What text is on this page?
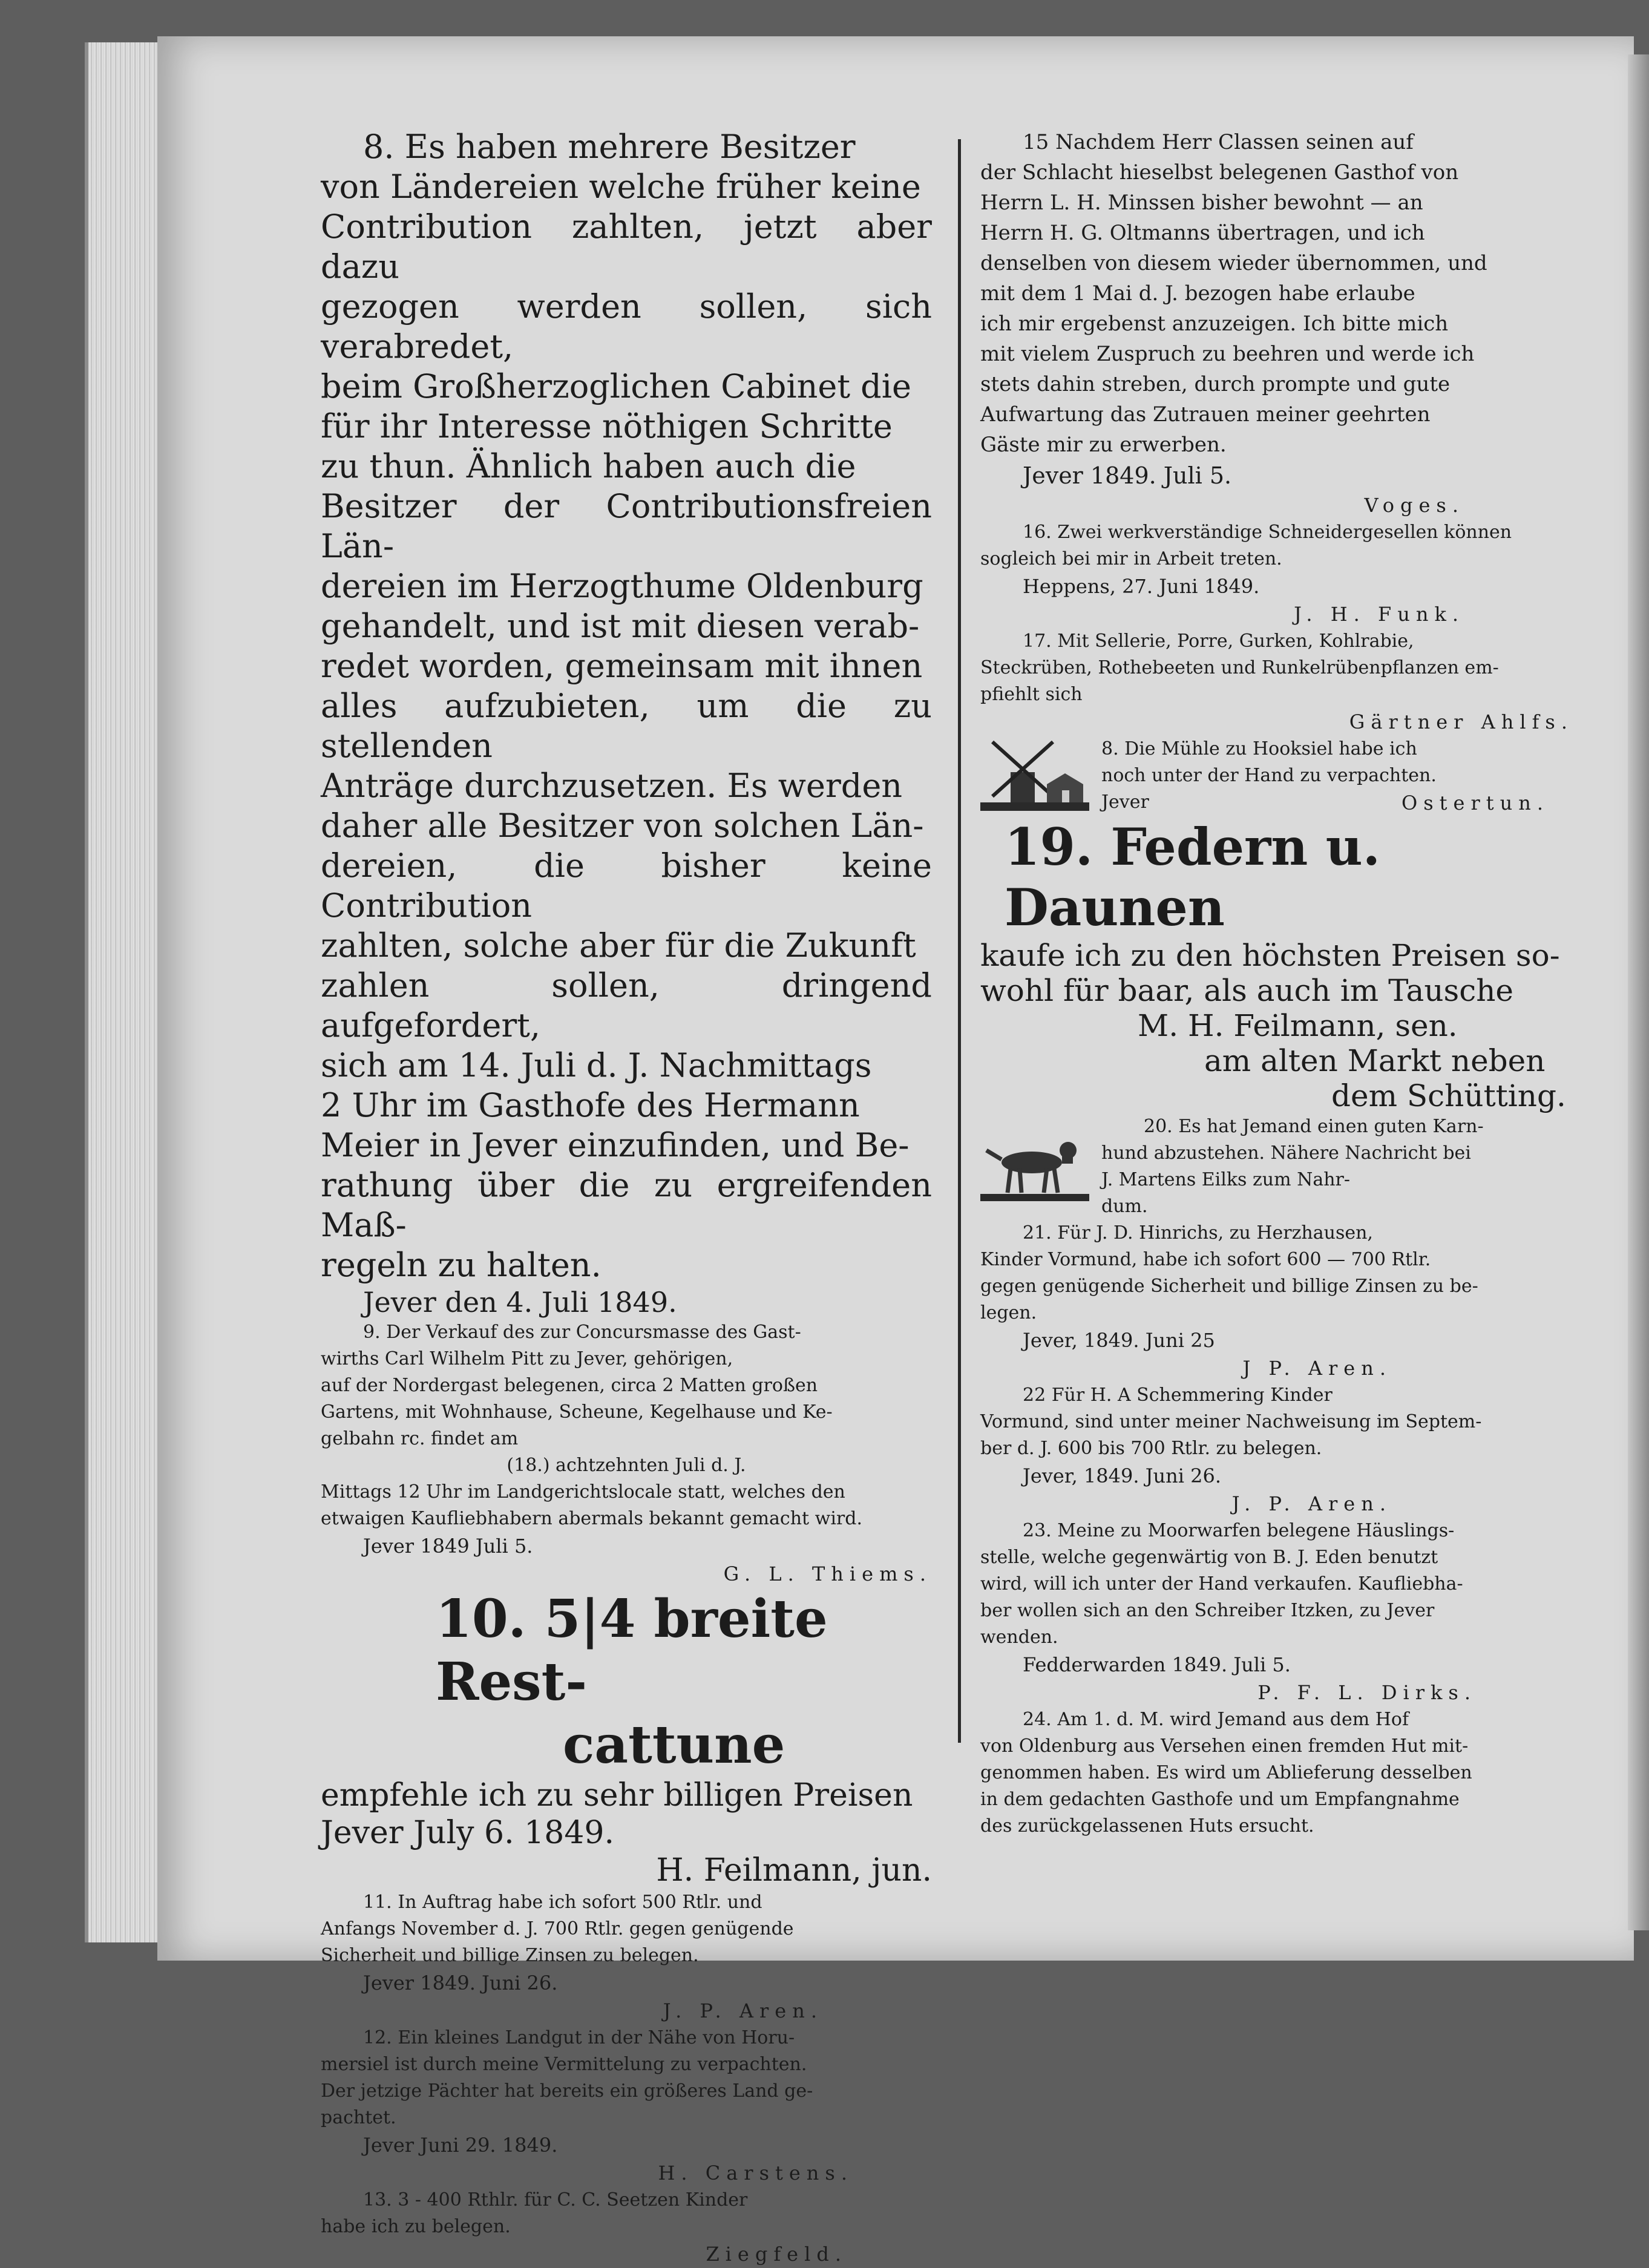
8. Es haben mehrere Besitzer

von Ländereien welche früher keine

Contribution zahlten, jetzt aber dazu

gezogen werden sollen, sich verabredet,

beim Großherzoglichen Cabinet die

für ihr Interesse nöthigen Schritte

zu thun. Ähnlich haben auch die

Besitzer der Contributionsfreien Län-

dereien im Herzogthume Oldenburg

gehandelt, und ist mit diesen verab-

redet worden, gemeinsam mit ihnen

alles aufzubieten, um die zu stellenden

Anträge durchzusetzen. Es werden

daher alle Besitzer von solchen Län-

dereien, die bisher keine Contribution

zahlten, solche aber für die Zukunft

zahlen sollen, dringend aufgefordert,

sich am 14. Juli d. J. Nachmittags

2 Uhr im Gasthofe des Hermann

Meier in Jever einzufinden, und Be-

rathung über die zu ergreifenden Maß-

regeln zu halten.

Jever den 4. Juli 1849.

9. Der Verkauf des zur Concursmasse des Gast-

wirths Carl Wilhelm Pitt zu Jever, gehörigen,

auf der Nordergast belegenen, circa 2 Matten großen

Gartens, mit Wohnhause, Scheune, Kegelhause und Ke-

gelbahn rc. findet am

(18.) achtzehnten Juli d. J.

Mittags 12 Uhr im Landgerichtslocale statt, welches den

etwaigen Kaufliebhabern abermals bekannt gemacht wird.

Jever 1849 Juli 5.

G. L. Thiems.

10. 5|4 breite Rest-

cattune

empfehle ich zu sehr billigen Preisen

Jever July 6. 1849.

H. Feilmann, jun.

11. In Auftrag habe ich sofort 500 Rtlr. und

Anfangs November d. J. 700 Rtlr. gegen genügende

Sicherheit und billige Zinsen zu belegen.

Jever 1849. Juni 26.

J. P. Aren.

12. Ein kleines Landgut in der Nähe von Horu-

mersiel ist durch meine Vermittelung zu verpachten.

Der jetzige Pächter hat bereits ein größeres Land ge-

pachtet.

Jever Juni 29. 1849.

H. Carstens.

13. 3 - 400 Rthlr. für C. C. Seetzen Kinder

habe ich zu belegen.

Ziegfeld.

15 Nachdem Herr Classen seinen auf

der Schlacht hieselbst belegenen Gasthof von

Herrn L. H. Minssen bisher bewohnt — an

Herrn H. G. Oltmanns übertragen, und ich

denselben von diesem wieder übernommen, und

mit dem 1 Mai d. J. bezogen habe erlaube

ich mir ergebenst anzuzeigen. Ich bitte mich

mit vielem Zuspruch zu beehren und werde ich

stets dahin streben, durch prompte und gute

Aufwartung das Zutrauen meiner geehrten

Gäste mir zu erwerben.

Jever 1849. Juli 5.

Voges.

16. Zwei werkverständige Schneidergesellen können

sogleich bei mir in Arbeit treten.

Heppens, 27. Juni 1849.

J. H. Funk.

17. Mit Sellerie, Porre, Gurken, Kohlrabie,

Steckrüben, Rothebeeten und Runkelrübenpflanzen em-

pfiehlt sich

Gärtner Ahlfs.

8. Die Mühle zu Hooksiel habe ich

noch unter der Hand zu verpachten.

Jever	Ostertun.

19. Federn u. Daunen

kaufe ich zu den höchsten Preisen so-

wohl für baar, als auch im Tausche

M. H. Feilmann, sen.

am alten Markt neben

dem Schütting.

20. Es hat Jemand einen guten Karn-

hund abzustehen. Nähere Nachricht bei

J. Martens Eilks zum Nahr-

dum.

21. Für J. D. Hinrichs, zu Herzhausen,

Kinder Vormund, habe ich sofort 600 — 700 Rtlr.

gegen genügende Sicherheit und billige Zinsen zu be-

legen.

Jever, 1849. Juni 25

J P. Aren.

22 Für H. A Schemmering Kinder

Vormund, sind unter meiner Nachweisung im Septem-

ber d. J. 600 bis 700 Rtlr. zu belegen.

Jever, 1849. Juni 26.

J. P. Aren.

23. Meine zu Moorwarfen belegene Häuslings-

stelle, welche gegenwärtig von B. J. Eden benutzt

wird, will ich unter der Hand verkaufen. Kaufliebha-

ber wollen sich an den Schreiber Itzken, zu Jever

wenden.

Fedderwarden 1849. Juli 5.

P. F. L. Dirks.

24. Am 1. d. M. wird Jemand aus dem Hof

von Oldenburg aus Versehen einen fremden Hut mit-

genommen haben. Es wird um Ablieferung desselben

in dem gedachten Gasthofe und um Empfangnahme

des zurückgelassenen Huts ersucht.
